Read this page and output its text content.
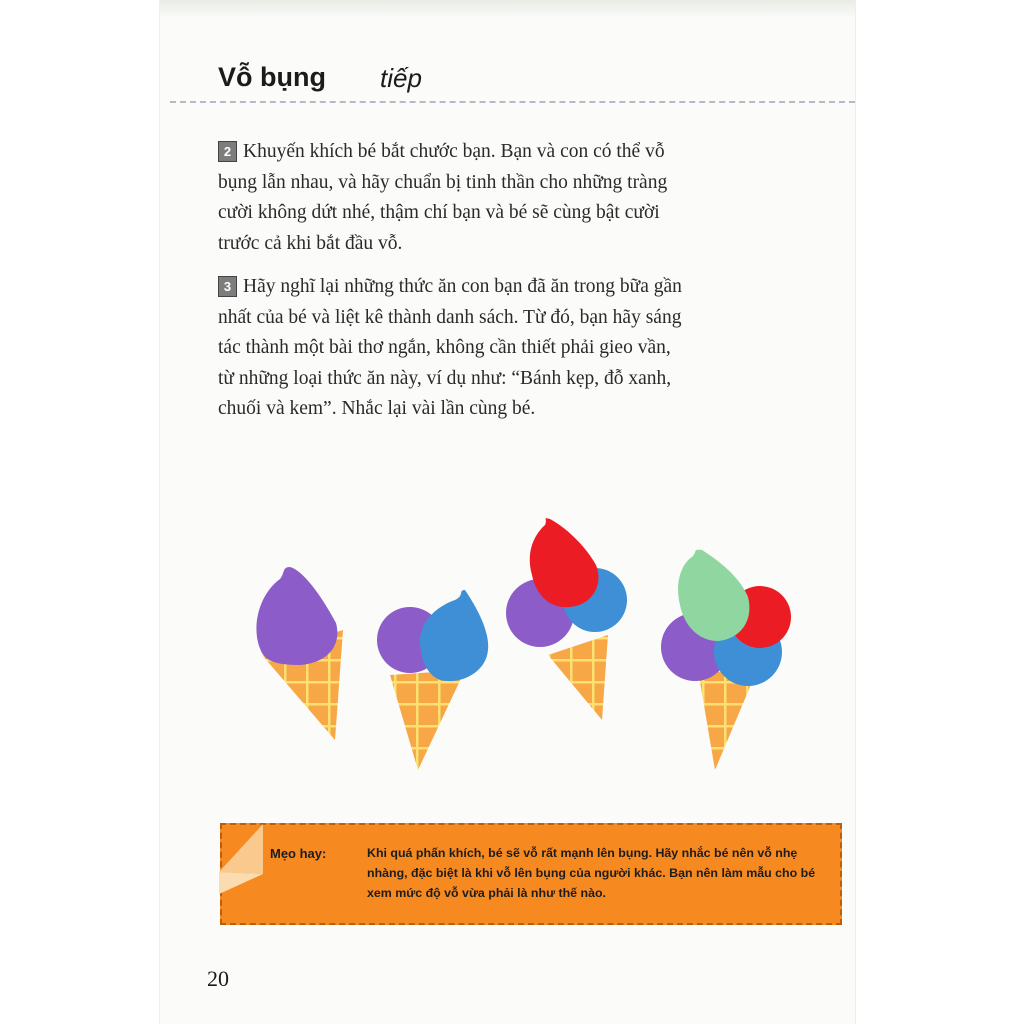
Vỗ bụng tiếp
2 Khuyến khích bé bắt chước bạn. Bạn và con có thể vỗ bụng lẫn nhau, và hãy chuẩn bị tinh thần cho những tràng cười không dứt nhé, thậm chí bạn và bé sẽ cùng bật cười trước cả khi bắt đầu vỗ.
3 Hãy nghĩ lại những thức ăn con bạn đã ăn trong bữa gần nhất của bé và liệt kê thành danh sách. Từ đó, bạn hãy sáng tác thành một bài thơ ngắn, không cần thiết phải gieo vần, từ những loại thức ăn này, ví dụ như: “Bánh kẹp, đỗ xanh, chuối và kem”. Nhắc lại vài lần cùng bé.
Mẹo hay:	Khi quá phấn khích, bé sẽ vỗ rất mạnh lên bụng. Hãy nhắc bé nên vỗ nhẹ nhàng, đặc biệt là khi vỗ lên bụng của người khác. Bạn nên làm mẫu cho bé xem mức độ vỗ vừa phải là như thế nào.
20
